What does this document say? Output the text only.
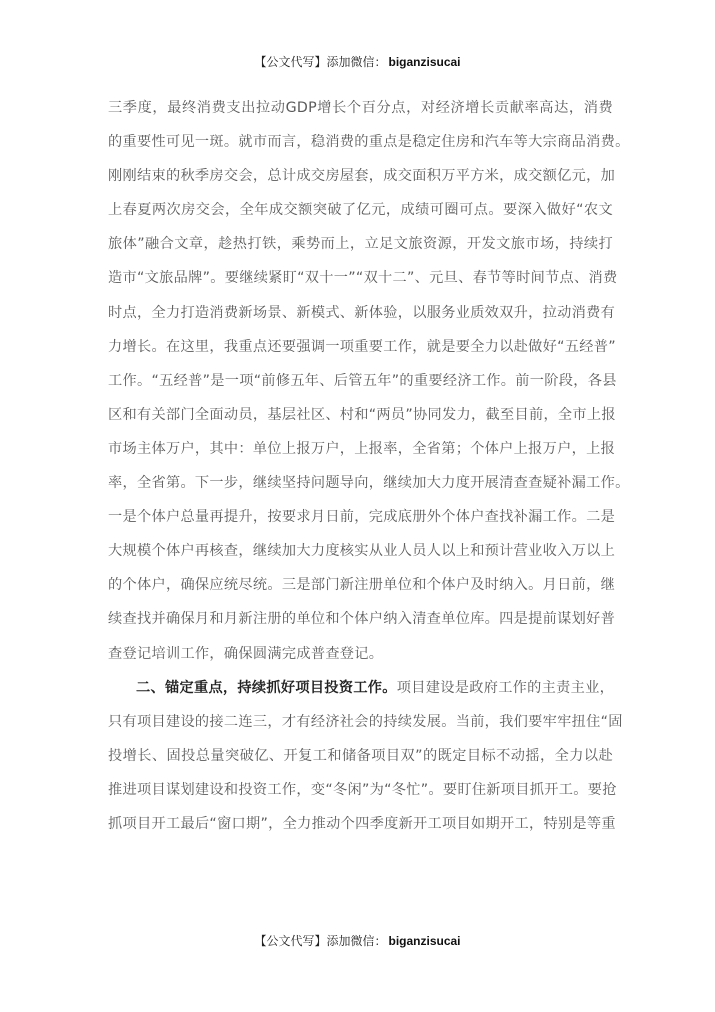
【公文代写】添加微信： biganzisucai
三季度，最终消费支出拉动GDP增长个百分点，对经济增长贡献率高达，消费
的重要性可见一斑。就市而言，稳消费的重点是稳定住房和汽车等大宗商品消费。
刚刚结束的秋季房交会，总计成交房屋套，成交面积万平方米，成交额亿元，加
上春夏两次房交会，全年成交额突破了亿元，成绩可圈可点。要深入做好“农文
旅体”融合文章，趁热打铁，乘势而上，立足文旅资源，开发文旅市场，持续打
造市“文旅品牌”。要继续紧盯“双十一”“双十二”、元旦、春节等时间节点、消费
时点，全力打造消费新场景、新模式、新体验，以服务业质效双升，拉动消费有
力增长。在这里，我重点还要强调一项重要工作，就是要全力以赴做好“五经普”
工作。“五经普”是一项“前修五年、后管五年”的重要经济工作。前一阶段，各县
区和有关部门全面动员，基层社区、村和“两员”协同发力，截至目前，全市上报
市场主体万户，其中：单位上报万户，上报率，全省第；个体户上报万户，上报
率，全省第。下一步，继续坚持问题导向，继续加大力度开展清查查疑补漏工作。
一是个体户总量再提升，按要求月日前，完成底册外个体户查找补漏工作。二是
大规模个体户再核查，继续加大力度核实从业人员人以上和预计营业收入万以上
的个体户，确保应统尽统。三是部门新注册单位和个体户及时纳入。月日前，继
续查找并确保月和月新注册的单位和个体户纳入清查单位库。四是提前谋划好普
查登记培训工作，确保圆满完成普查登记。
二、锚定重点，持续抓好项目投资工作。项目建设是政府工作的主责主业，
只有项目建设的接二连三，才有经济社会的持续发展。当前，我们要牢牢扭住“固
投增长、固投总量突破亿、开复工和储备项目双”的既定目标不动摇，全力以赴
推进项目谋划建设和投资工作，变“冬闲”为“冬忙”。要盯住新项目抓开工。要抢
抓项目开工最后“窗口期”，全力推动个四季度新开工项目如期开工，特别是等重
【公文代写】添加微信： biganzisucai
